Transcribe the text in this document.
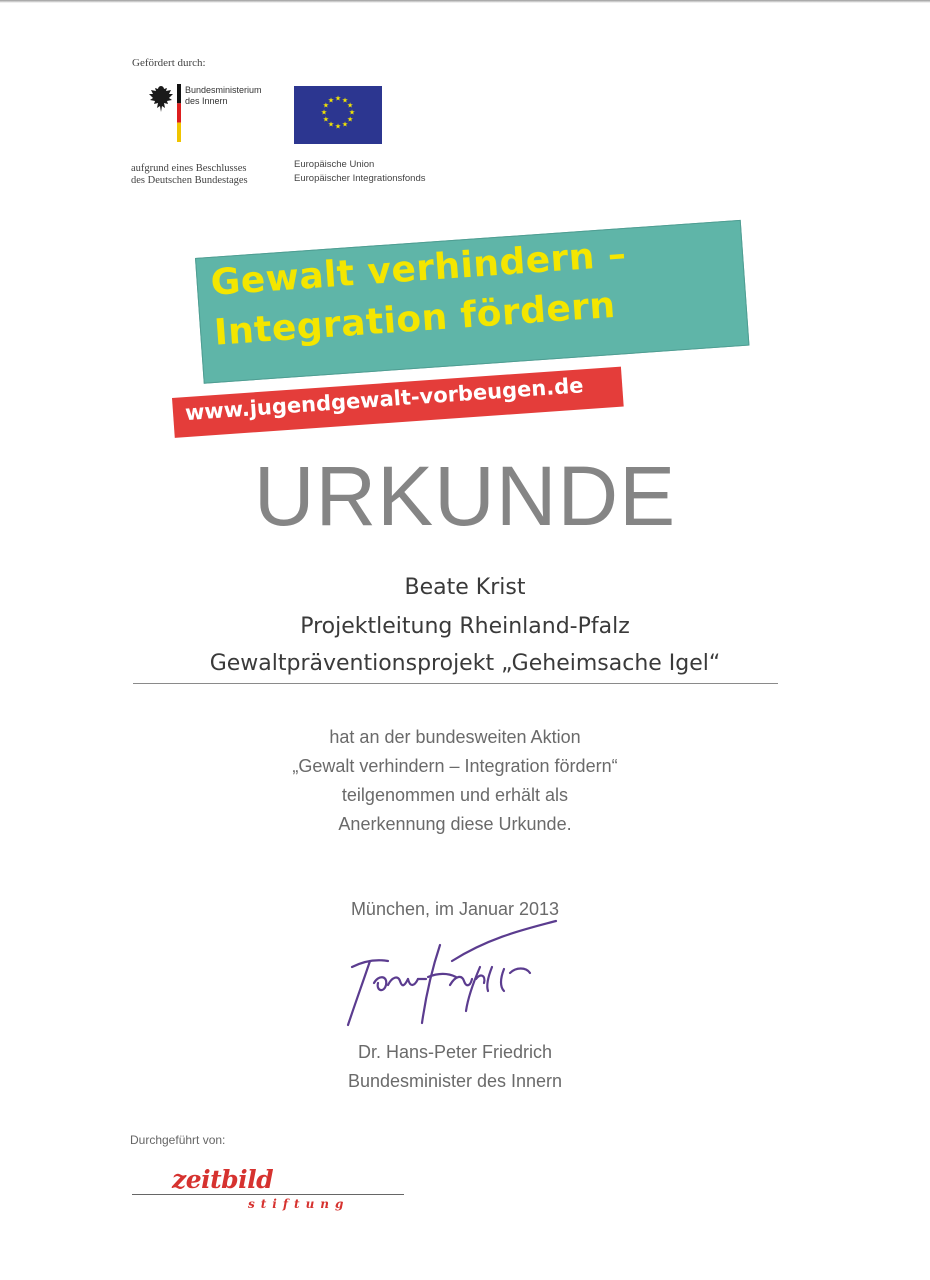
Gefördert durch:
Bundesministerium
des Innern	★ ★
★
★
★
★
★
★
★
★
★
★
aufgrund eines Beschlusses
des Deutschen Bundestages
Europäische Union
Europäischer Integrationsfonds
Gewalt verhindern –
Integration fördern
www.jugendgewalt-vorbeugen.de
URKUNDE
Beate Krist
Projektleitung Rheinland-Pfalz
Gewaltpräventionsprojekt „Geheimsache Igel“
hat an der bundesweiten Aktion
„Gewalt verhindern – Integration fördern“
teilgenommen und erhält als
Anerkennung diese Urkunde.
München, im Januar 2013
Dr. Hans-Peter Friedrich
Bundesminister des Innern
Durchgeführt von:
zeitbild
stiftung
